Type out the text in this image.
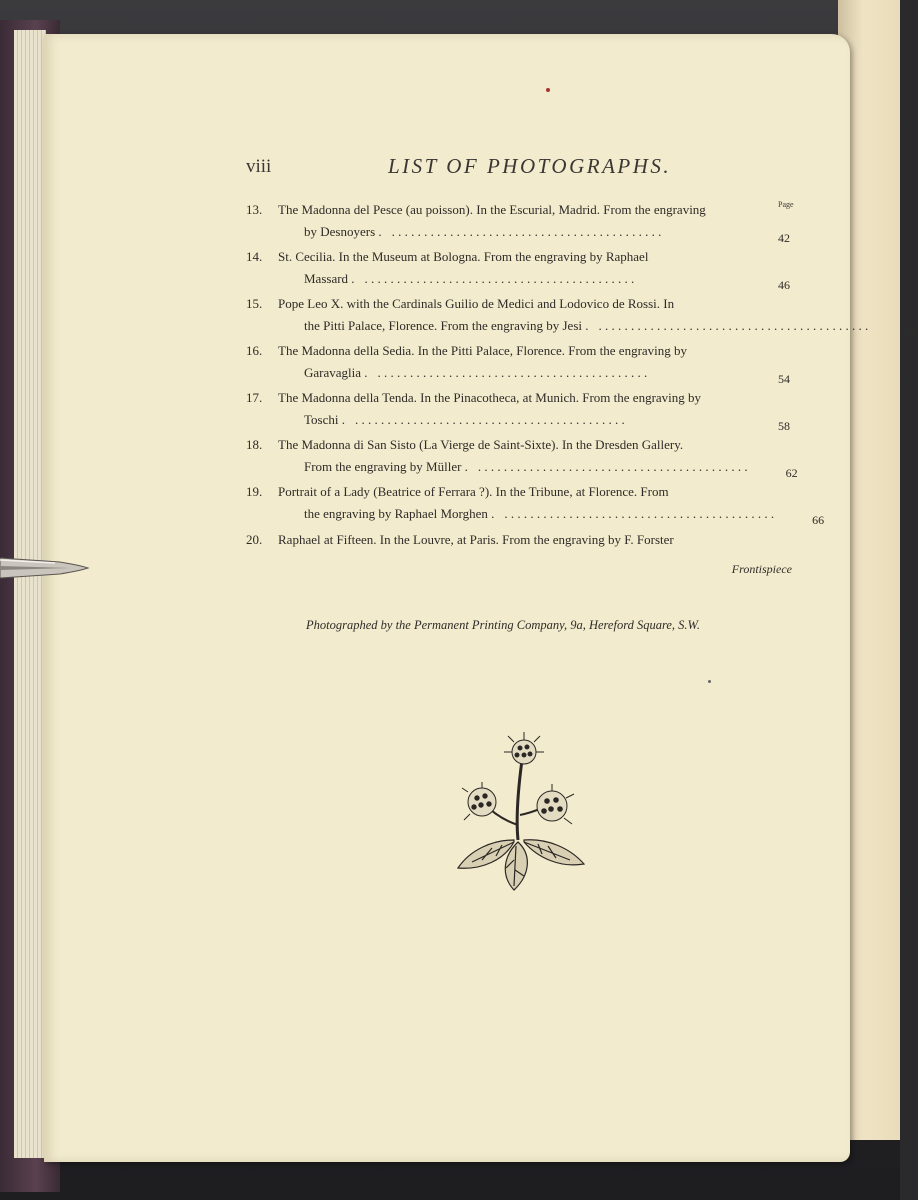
viii	LIST OF PHOTOGRAPHS.
Page
13.	The Madonna del Pesce (au poisson). In the Escurial, Madrid. From the engraving
by Desnoyers . . . . . . . . . . . . . . . . . . . . . . . . . . . . . . . . . . . . . . . . . . .	42
14.	St. Cecilia. In the Museum at Bologna. From the engraving by Raphael
Massard . . . . . . . . . . . . . . . . . . . . . . . . . . . . . . . . . . . . . . . . . . .	46
15.	Pope Leo X. with the Cardinals Guilio de Medici and Lodovico de Rossi. In
the Pitti Palace, Florence. From the engraving by Jesi . . . . . . . . . . . . . . . . . . . . . . . . . . . . . . . . . . . . . . . . . . .	50
16.	The Madonna della Sedia. In the Pitti Palace, Florence. From the engraving by
Garavaglia . . . . . . . . . . . . . . . . . . . . . . . . . . . . . . . . . . . . . . . . . . .	54
17.	The Madonna della Tenda. In the Pinacotheca, at Munich. From the engraving by
Toschi . . . . . . . . . . . . . . . . . . . . . . . . . . . . . . . . . . . . . . . . . . .	58
18.	The Madonna di San Sisto (La Vierge de Saint-Sixte). In the Dresden Gallery.
From the engraving by Müller . . . . . . . . . . . . . . . . . . . . . . . . . . . . . . . . . . . . . . . . . . .	62
19.	Portrait of a Lady (Beatrice of Ferrara ?). In the Tribune, at Florence. From
the engraving by Raphael Morghen . . . . . . . . . . . . . . . . . . . . . . . . . . . . . . . . . . . . . . . . . . .	66
20.	Raphael at Fifteen. In the Louvre, at Paris. From the engraving by F. Forster
Frontispiece
Photographed by the Permanent Printing Company, 9a, Hereford Square, S.W.
